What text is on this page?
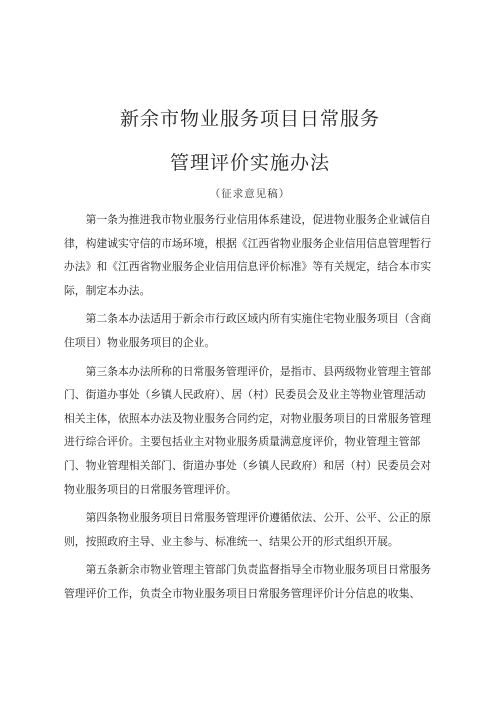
新余市物业服务项目日常服务
管理评价实施办法
（征求意见稿）

第一条为推进我市物业服务行业信用体系建设，促进物业服务企业诚信自律，构建诚实守信的市场环境，根据《江西省物业服务企业信用信息管理暂行办法》和《江西省物业服务企业信用信息评价标准》等有关规定，结合本市实际，制定本办法。

第二条本办法适用于新余市行政区域内所有实施住宅物业服务项目（含商住项目）物业服务项目的企业。

第三条本办法所称的日常服务管理评价，是指市、县两级物业管理主管部门、街道办事处（乡镇人民政府）、居（村）民委员会及业主等物业管理活动相关主体，依照本办法及物业服务合同约定，对物业服务项目的日常服务管理进行综合评价。主要包括业主对物业服务质量满意度评价，物业管理主管部门、物业管理相关部门、街道办事处（乡镇人民政府）和居（村）民委员会对物业服务项目的日常服务管理评价。

第四条物业服务项目日常服务管理评价遵循依法、公开、公平、公正的原则，按照政府主导、业主参与、标准统一、结果公开的形式组织开展。

第五条新余市物业管理主管部门负责监督指导全市物业服务项目日常服务管理评价工作，负责全市物业服务项目日常服务管理评价计分信息的收集、
